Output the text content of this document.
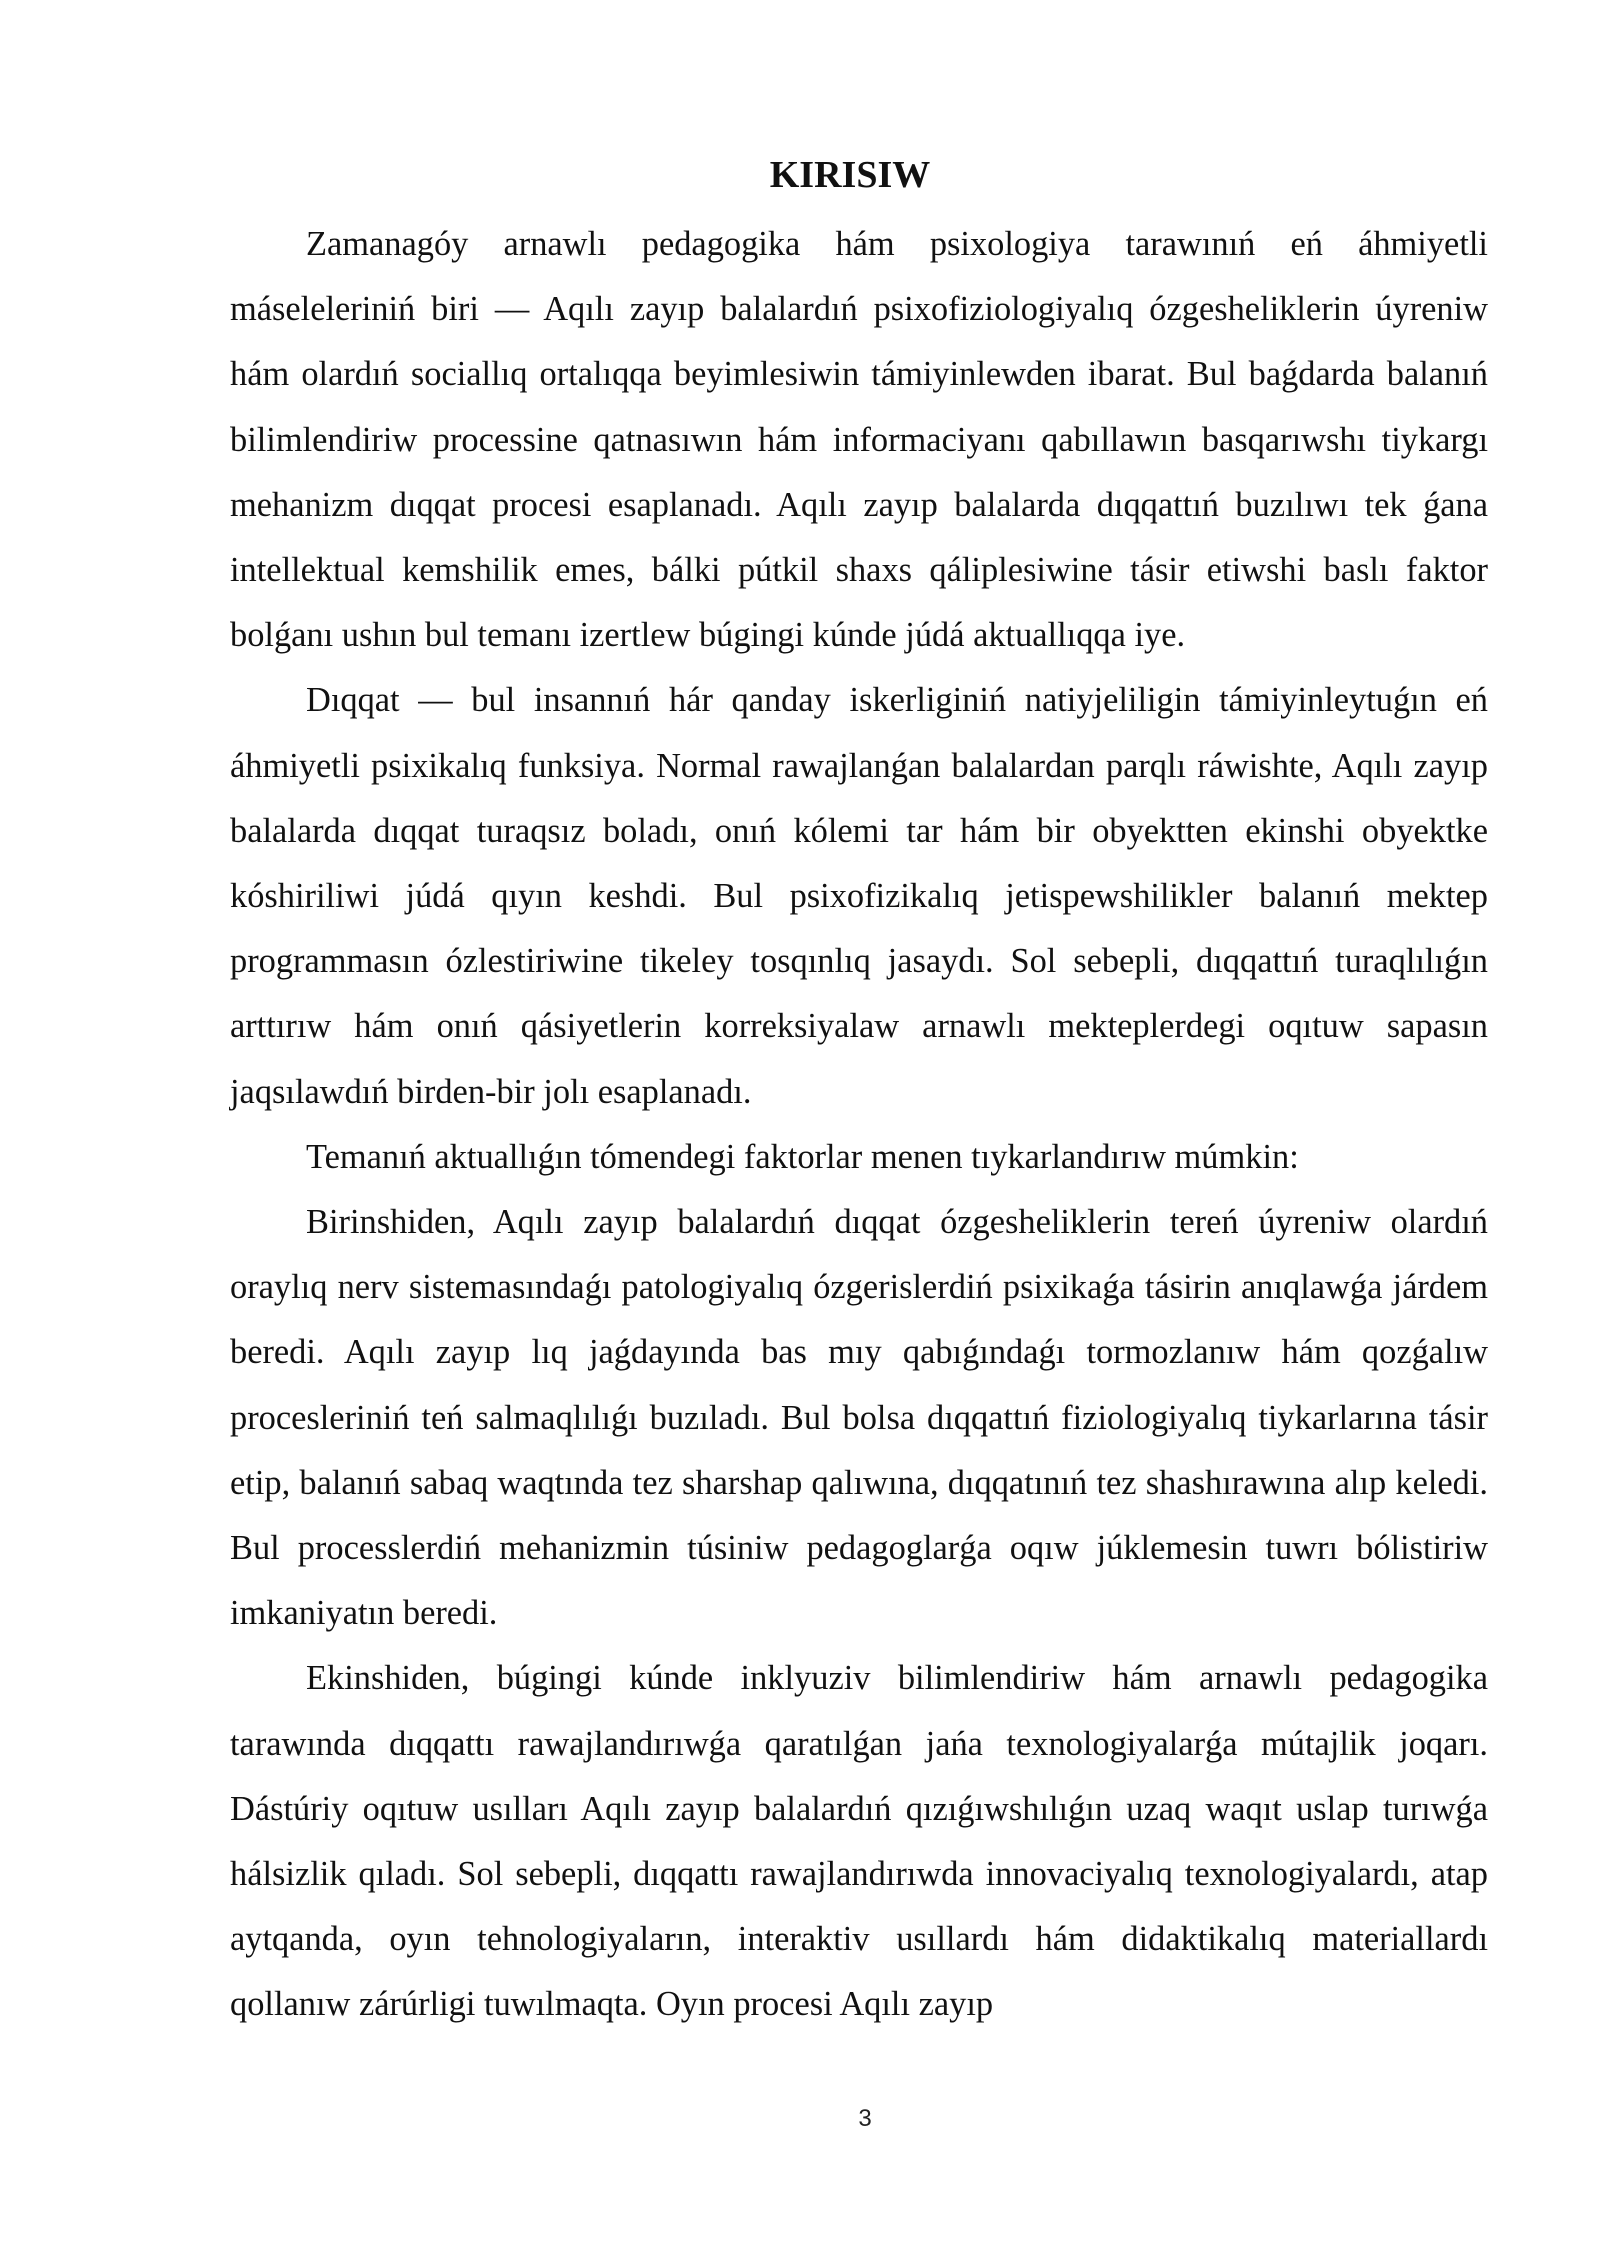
KIRISIW

Zamanagóy arnawlı pedagogika hám psixologiya tarawınıń eń áhmiyetli máseleleriniń biri — Aqılı zayıp balalardıń psixofiziologiyalıq ózgesheliklerin úyreniw hám olardıń sociallıq ortalıqqa beyimlesiwin támiyinlewden ibarat. Bul baǵdarda balanıń bilimlendiriw processine qatnasıwın hám informaciyanı qabıllawın basqarıwshı tiykargı mehanizm dıqqat procesi esaplanadı. Aqılı zayıp balalarda dıqqattıń buzılıwı tek ǵana intellektual kemshilik emes, bálki pútkil shaxs qáliplesiwine tásir etiwshi baslı faktor bolǵanı ushın bul temanı izertlew búgingi kúnde júdá aktuallıqqa iye.

Dıqqat — bul insannıń hár qanday iskerliginiń natiyjeliligin támiyinleytuǵın eń áhmiyetli psixikalıq funksiya. Normal rawajlanǵan balalardan parqlı ráwishte, Aqılı zayıp balalarda dıqqat turaqsız boladı, onıń kólemi tar hám bir obyektten ekinshi obyektke kóshiriliwi júdá qıyın keshdi. Bul psixofizikalıq jetispewshilikler balanıń mektep programmasın ózlestiriwine tikeley tosqınlıq jasaydı. Sol sebepli, dıqqattıń turaqlılıǵın arttırıw hám onıń qásiyetlerin korreksiyalaw arnawlı mekteplerdegi oqıtuw sapasın jaqsılawdıń birden-bir jolı esaplanadı.

Temanıń aktuallıǵın tómendegi faktorlar menen tıykarlandırıw múmkin:

Birinshiden, Aqılı zayıp balalardıń dıqqat ózgesheliklerin tereń úyreniw olardıń oraylıq nerv sistemasındaǵı patologiyalıq ózgerislerdiń psixikaǵa tásirin anıqlawǵa járdem beredi. Aqılı zayıp lıq jaǵdayında bas mıy qabıǵındaǵı tormozlanıw hám qozǵalıw procesleriniń teń salmaqlılıǵı buzıladı. Bul bolsa dıqqattıń fiziologiyalıq tiykarlarına tásir etip, balanıń sabaq waqtında tez sharshap qalıwına, dıqqatınıń tez shashırawına alıp keledi. Bul processlerdiń mehanizmin túsiniw pedagoglarǵa oqıw júklemesin tuwrı bólistiriw imkaniyatın beredi.

Ekinshiden, búgingi kúnde inklyuziv bilimlendiriw hám arnawlı pedagogika tarawında dıqqattı rawajlandırıwǵa qaratılǵan jańa texnologiyalarǵa mútajlik joqarı. Dástúriy oqıtuw usılları Aqılı zayıp balalardıń qızıǵıwshılıǵın uzaq waqıt uslap turıwǵa hálsizlik qıladı. Sol sebepli, dıqqattı rawajlandırıwda innovaciyalıq texnologiyalardı, atap aytqanda, oyın tehnologiyaların, interaktiv usıllardı hám didaktikalıq materiallardı qollanıw zárúrligi tuwılmaqta. Oyın procesi Aqılı zayıp

3
